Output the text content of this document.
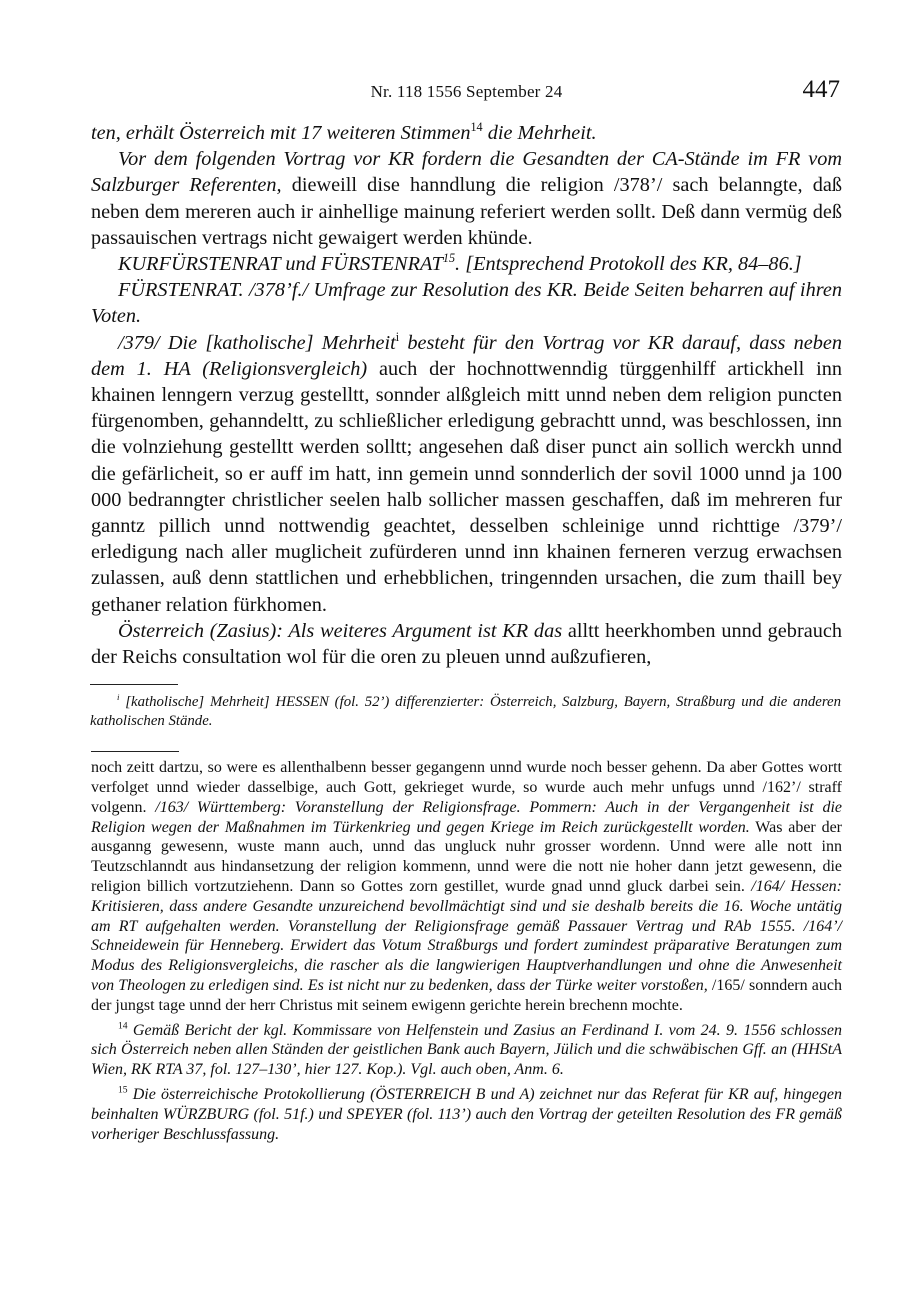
Nr. 118 1556 September 24	447

ten, erhält Österreich mit 17 weiteren Stimmen$^{14}$ die Mehrheit.

Vor dem folgenden Vortrag vor KR fordern die Gesandten der CA-Stände im FR vom Salzburger Referenten, dieweill dise hanndlung die religion /378’/ sach belanngte, daß neben dem mereren auch ir ainhellige mainung referiert werden sollt. Deß dann vermüg deß passauischen vertrags nicht gewaigert werden khünde.

KURFÜRSTENRAT und FÜRSTENRAT$^{15}$. [Entsprechend Protokoll des KR, 84–86.]

FÜRSTENRAT. /378’f./ Umfrage zur Resolution des KR. Beide Seiten beharren auf ihren Voten.

/379/ Die [katholische] Mehrheit$^i$ besteht für den Vortrag vor KR darauf, dass neben dem 1. HA (Religionsvergleich) auch der hochnottwenndig türggenhilff artickhell inn khainen lenngern verzug gestelltt, sonnder alßgleich mitt unnd neben dem religion puncten fürgenomben, gehanndeltt, zu schließlicher erledigung gebrachtt unnd, was beschlossen, inn die volnziehung gestelltt werden solltt; angesehen daß diser punct ain sollich werckh unnd die gefärlicheit, so er auff im hatt, inn gemein unnd sonnderlich der sovil 1000 unnd ja 100 000 bedranngter christlicher seelen halb sollicher massen geschaffen, daß im mehreren fur ganntz pillich unnd nottwendig geachtet, desselben schleinige unnd richttige /379’/ erledigung nach aller muglicheit zufürderen unnd inn khainen ferneren verzug erwachsen zulassen, auß denn stattlichen und erhebblichen, tringennden ursachen, die zum thaill bey gethaner relation fürkhomen.

Österreich (Zasius): Als weiteres Argument ist KR das alltt heerkhomben unnd gebrauch der Reichs consultation wol für die oren zu pleuen unnd außzufieren,

$^i$ [katholische] Mehrheit] HESSEN (fol. 52’) differenzierter: Österreich, Salzburg, Bayern, Straßburg und die anderen katholischen Stände.

noch zeitt dartzu, so were es allenthalbenn besser gegangenn unnd wurde noch besser gehenn. Da aber Gottes wortt verfolget unnd wieder dasselbige, auch Gott, gekrieget wurde, so wurde auch mehr unfugs unnd /162’/ straff volgenn. /163/ Württemberg: Voranstellung der Religionsfrage. Pommern: Auch in der Vergangenheit ist die Religion wegen der Maßnahmen im Türkenkrieg und gegen Kriege im Reich zurückgestellt worden. Was aber der ausganng gewesenn, wuste mann auch, unnd das ungluck nuhr grosser wordenn. Unnd were alle nott inn Teutzschlanndt aus hindansetzung der religion kommenn, unnd were die nott nie hoher dann jetzt gewesenn, die religion billich vortzutziehenn. Dann so Gottes zorn gestillet, wurde gnad unnd gluck darbei sein. /164/ Hessen: Kritisieren, dass andere Gesandte unzureichend bevollmächtigt sind und sie deshalb bereits die 16. Woche untätig am RT aufgehalten werden. Voranstellung der Religionsfrage gemäß Passauer Vertrag und RAb 1555. /164’/ Schneidewein für Henneberg. Erwidert das Votum Straßburgs und fordert zumindest präparative Beratungen zum Modus des Religionsvergleichs, die rascher als die langwierigen Hauptverhandlungen und ohne die Anwesenheit von Theologen zu erledigen sind. Es ist nicht nur zu bedenken, dass der Türke weiter vorstoßen, /165/ sonndern auch der jungst tage unnd der herr Christus mit seinem ewigenn gerichte herein brechenn mochte.

$^{14}$ Gemäß Bericht der kgl. Kommissare von Helfenstein und Zasius an Ferdinand I. vom 24. 9. 1556 schlossen sich Österreich neben allen Ständen der geistlichen Bank auch Bayern, Jülich und die schwäbischen Gff. an (HHStA Wien, RK RTA 37, fol. 127–130’, hier 127. Kop.). Vgl. auch oben, Anm. 6.

$^{15}$ Die österreichische Protokollierung (ÖSTERREICH B und A) zeichnet nur das Referat für KR auf, hingegen beinhalten WÜRZBURG (fol. 51f.) und SPEYER (fol. 113’) auch den Vortrag der geteilten Resolution des FR gemäß vorheriger Beschlussfassung.
